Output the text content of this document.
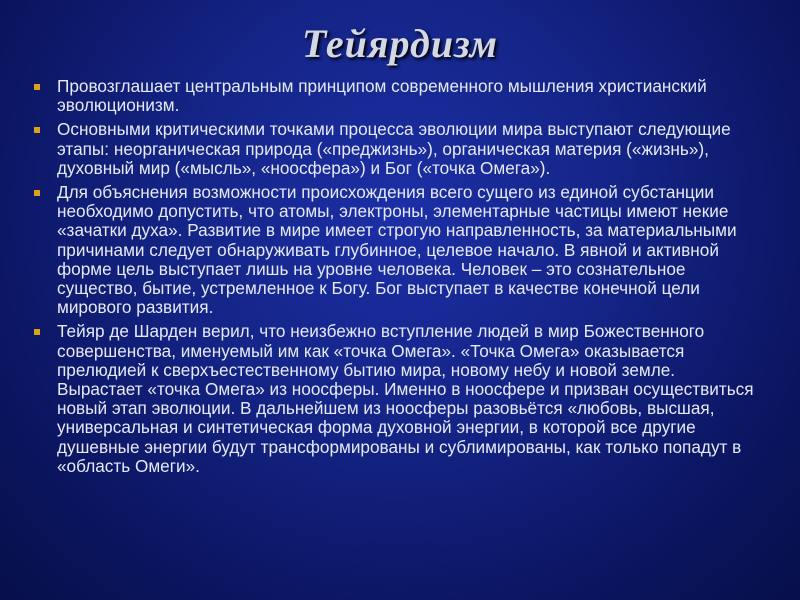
Тейярдизм
Провозглашает центральным принципом современного мышления христианский эволюционизм.
Основными критическими точками процесса эволюции мира выступают следующие этапы: неорганическая природа («преджизнь»), органическая материя («жизнь»), духовный мир («мысль», «ноосфера») и Бог («точка Омега»).
Для объяснения возможности происхождения всего сущего из единой субстанции необходимо допустить, что атомы, электроны, элементарные частицы имеют некие «зачатки духа». Развитие в мире имеет строгую направленность, за материальными причинами следует обнаруживать глубинное, целевое начало. В явной и активной форме цель выступает лишь на уровне человека. Человек – это сознательное существо, бытие, устремленное к Богу. Бог выступает в качестве конечной цели мирового развития.
Тейяр де Шарден верил, что неизбежно вступление людей в мир Божественного совершенства, именуемый им как «точка Омега». «Точка Омега» оказывается прелюдией к сверхъестественному бытию мира, новому небу и новой земле. Вырастает «точка Омега» из ноосферы. Именно в ноосфере и призван осуществиться новый этап эволюции. В дальнейшем из ноосферы разовьётся «любовь, высшая, универсальная и синтетическая форма духовной энергии, в которой все другие душевные энергии будут трансформированы и сублимированы, как только попадут в «область Омеги».
